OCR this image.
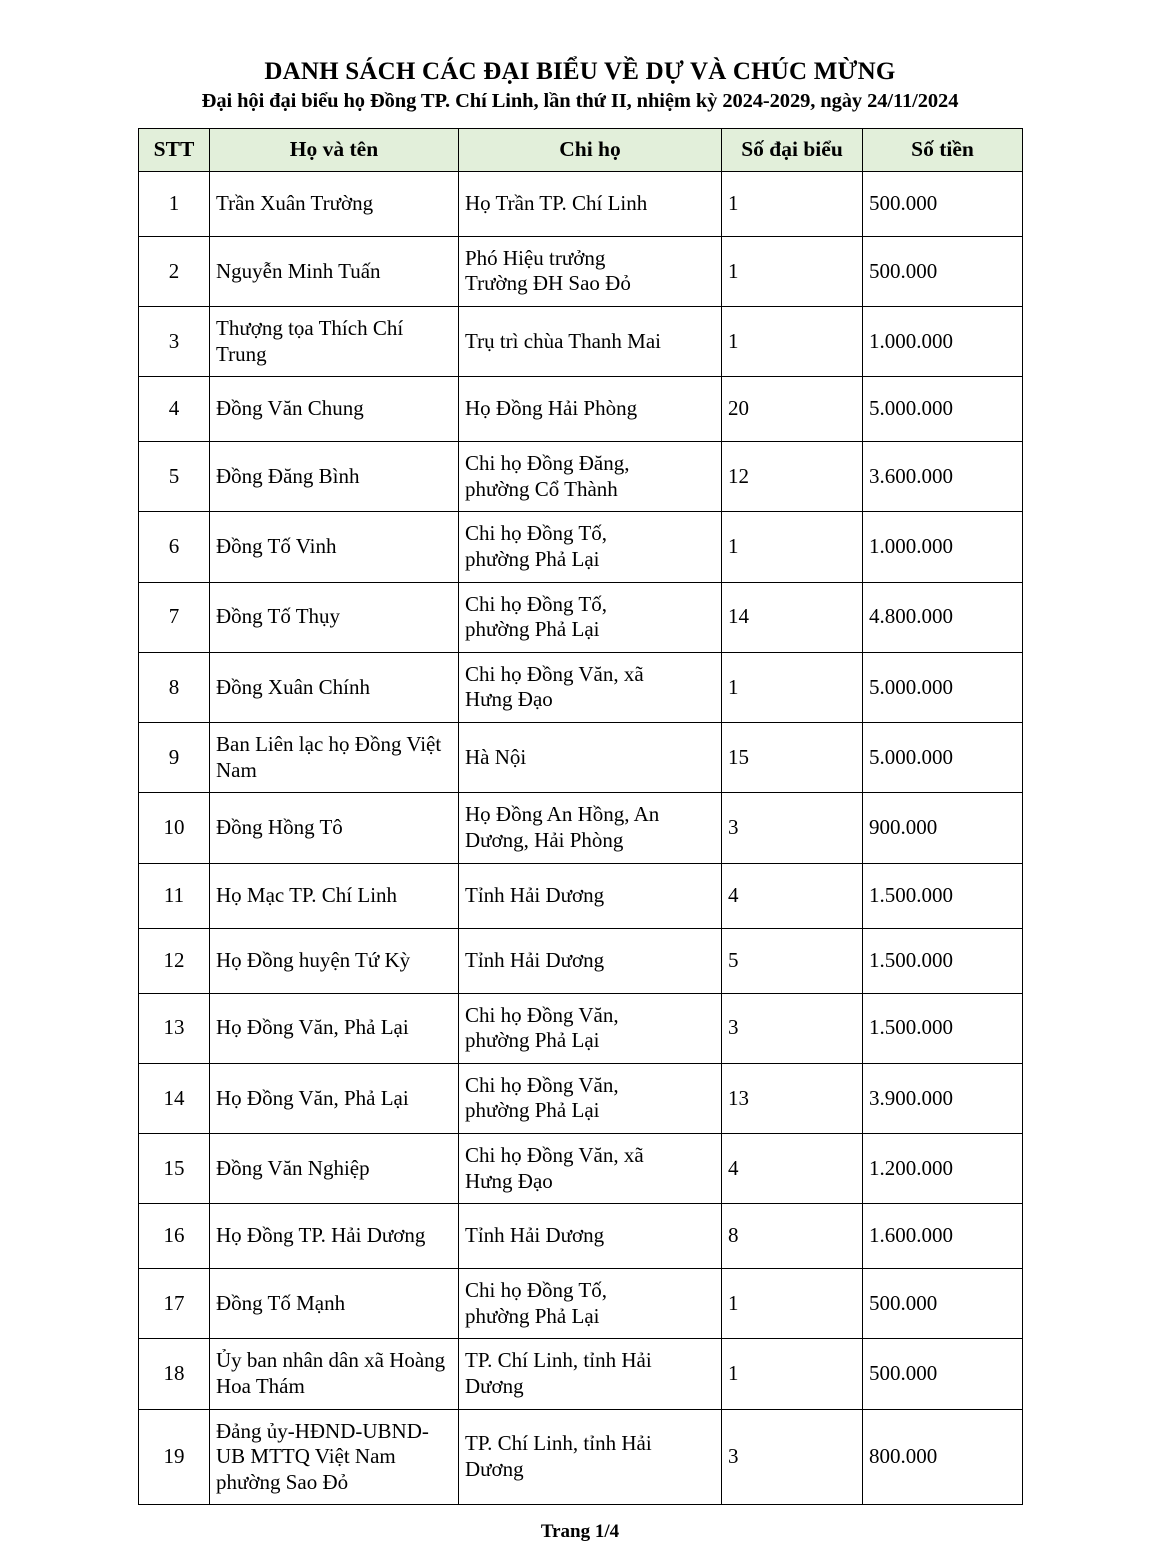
DANH SÁCH CÁC ĐẠI BIỂU VỀ DỰ VÀ CHÚC MỪNG
Đại hội đại biểu họ Đồng TP. Chí Linh, lần thứ II, nhiệm kỳ 2024-2029, ngày 24/11/2024
STT	Họ và tên	Chi họ	Số đại biểu	Số tiền
1	Trần Xuân Trường	Họ Trần TP. Chí Linh	1	500.000
2	Nguyễn Minh Tuấn	Phó Hiệu trưởng
Trường ĐH Sao Đỏ	1	500.000
3	Thượng tọa Thích Chí Trung	Trụ trì chùa Thanh Mai	1	1.000.000
4	Đồng Văn Chung	Họ Đồng Hải Phòng	20	5.000.000
5	Đồng Đăng Bình	Chi họ Đồng Đăng,
phường Cổ Thành	12	3.600.000
6	Đồng Tố Vinh	Chi họ Đồng Tố,
phường Phả Lại	1	1.000.000
7	Đồng Tố Thụy	Chi họ Đồng Tố,
phường Phả Lại	14	4.800.000
8	Đồng Xuân Chính	Chi họ Đồng Văn, xã
Hưng Đạo	1	5.000.000
9	Ban Liên lạc họ Đồng Việt Nam	Hà Nội	15	5.000.000
10	Đồng Hồng Tô	Họ Đồng An Hồng, An
Dương, Hải Phòng	3	900.000
11	Họ Mạc TP. Chí Linh	Tỉnh Hải Dương	4	1.500.000
12	Họ Đồng huyện Tứ Kỳ	Tỉnh Hải Dương	5	1.500.000
13	Họ Đồng Văn, Phả Lại	Chi họ Đồng Văn,
phường Phả Lại	3	1.500.000
14	Họ Đồng Văn, Phả Lại	Chi họ Đồng Văn,
phường Phả Lại	13	3.900.000
15	Đồng Văn Nghiệp	Chi họ Đồng Văn, xã
Hưng Đạo	4	1.200.000
16	Họ Đồng TP. Hải Dương	Tỉnh Hải Dương	8	1.600.000
17	Đồng Tố Mạnh	Chi họ Đồng Tố,
phường Phả Lại	1	500.000
18	Ủy ban nhân dân xã Hoàng Hoa Thám	TP. Chí Linh, tỉnh Hải
Dương	1	500.000
19	Đảng ủy-HĐND-UBND-UB MTTQ Việt Nam phường Sao Đỏ	TP. Chí Linh, tỉnh Hải
Dương	3	800.000
Trang 1/4
